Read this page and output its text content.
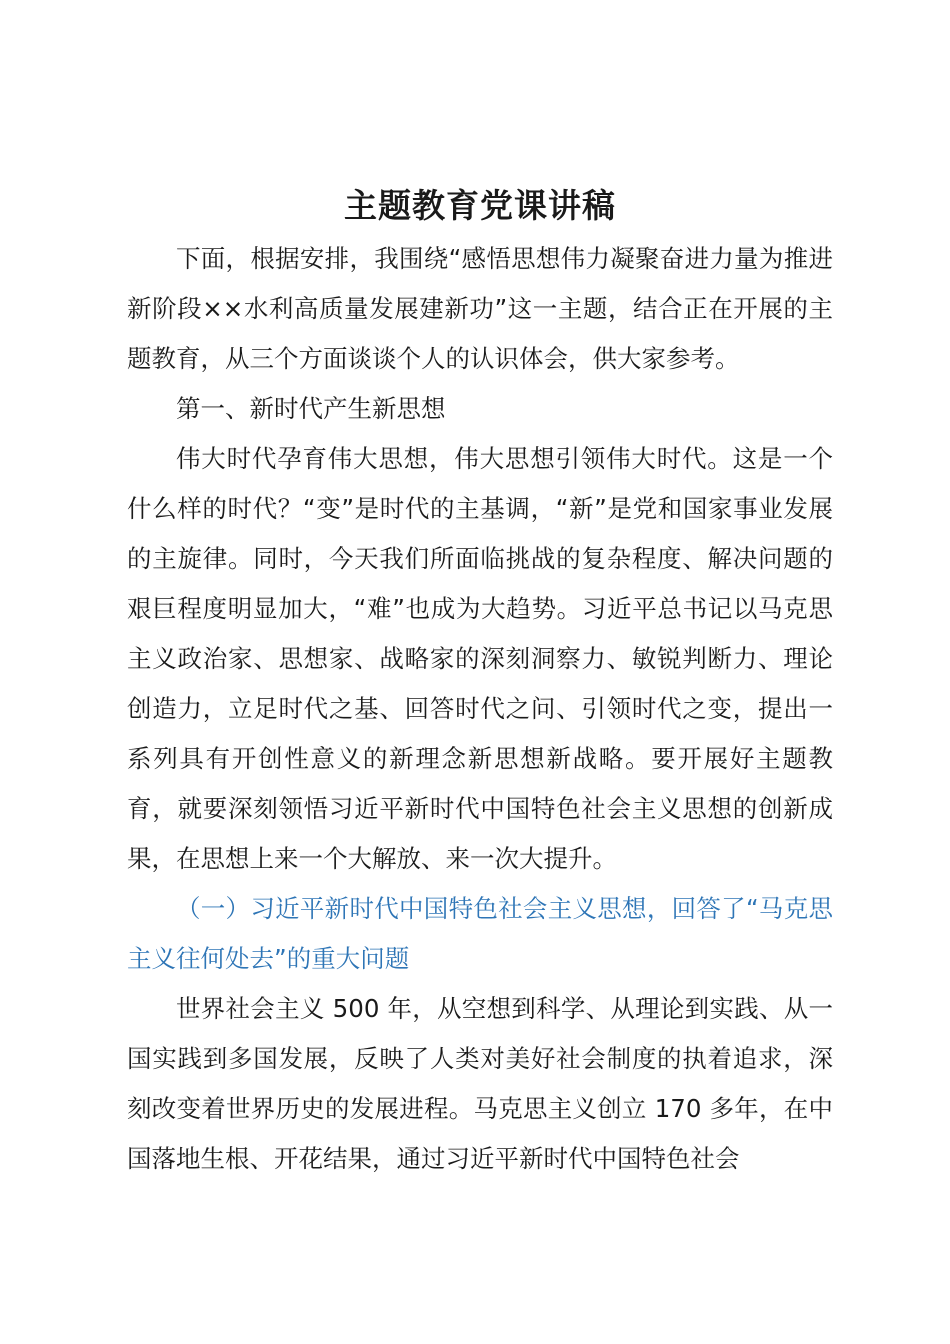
主题教育党课讲稿

下面，根据安排，我围绕“感悟思想伟力凝聚奋进力量为推进新阶段××水利高质量发展建新功”这一主题，结合正在开展的主题教育，从三个方面谈谈个人的认识体会，供大家参考。

第一、新时代产生新思想

伟大时代孕育伟大思想，伟大思想引领伟大时代。这是一个什么样的时代？“变”是时代的主基调，“新”是党和国家事业发展的主旋律。同时，今天我们所面临挑战的复杂程度、解决问题的艰巨程度明显加大，“难”也成为大趋势。习近平总书记以马克思主义政治家、思想家、战略家的深刻洞察力、敏锐判断力、理论创造力，立足时代之基、回答时代之问、引领时代之变，提出一系列具有开创性意义的新理念新思想新战略。要开展好主题教育，就要深刻领悟习近平新时代中国特色社会主义思想的创新成果，在思想上来一个大解放、来一次大提升。

（一）习近平新时代中国特色社会主义思想，回答了“马克思主义往何处去”的重大问题

世界社会主义 500 年，从空想到科学、从理论到实践、从一国实践到多国发展，反映了人类对美好社会制度的执着追求，深刻改变着世界历史的发展进程。马克思主义创立 170 多年，在中国落地生根、开花结果，通过习近平新时代中国特色社会
